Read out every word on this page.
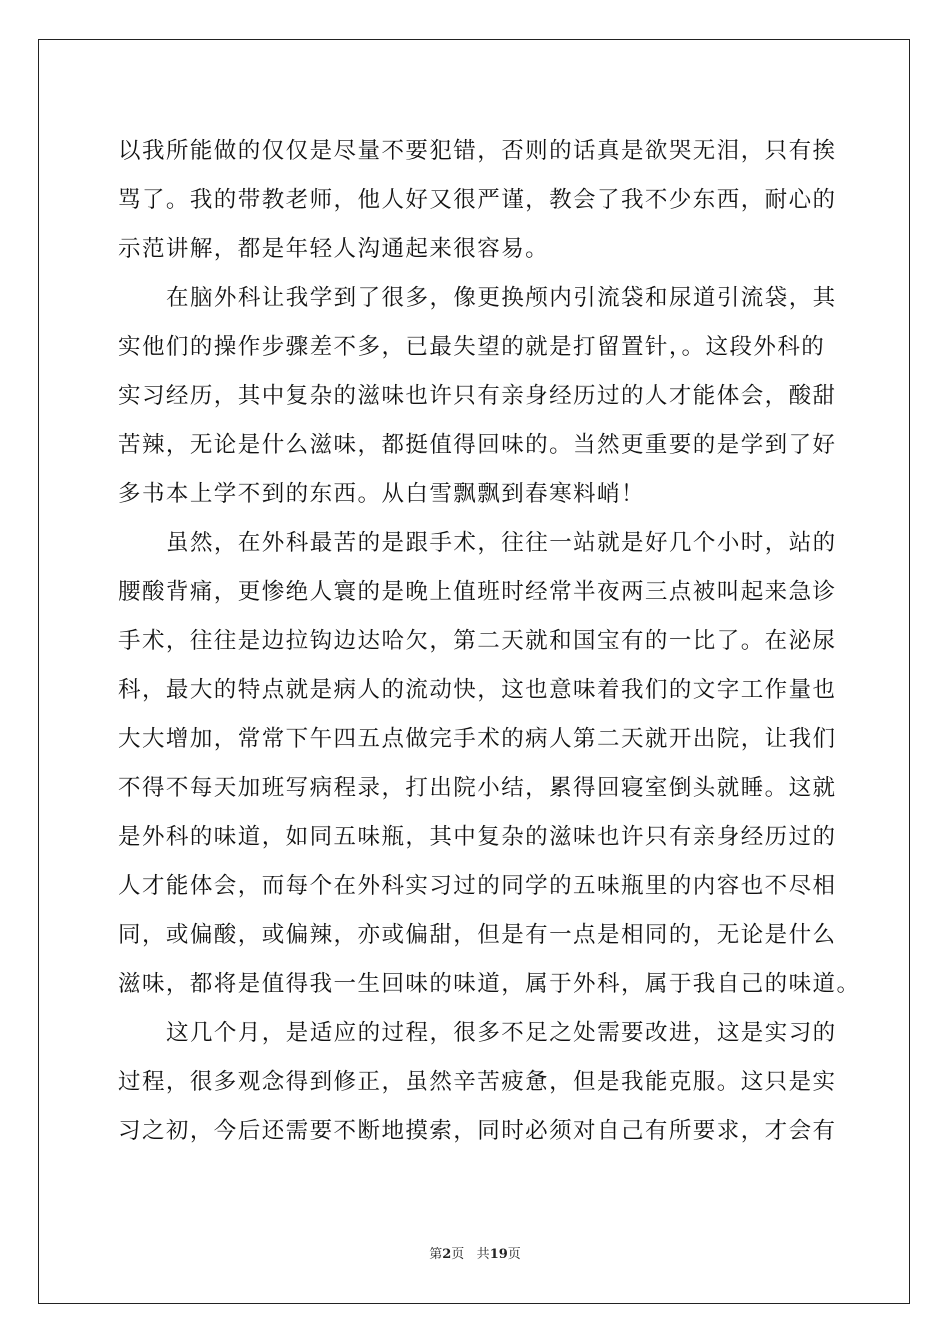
以我所能做的仅仅是尽量不要犯错，否则的话真是欲哭无泪，只有挨
骂了。我的带教老师，他人好又很严谨，教会了我不少东西，耐心的
示范讲解，都是年轻人沟通起来很容易。
在脑外科让我学到了很多，像更换颅内引流袋和尿道引流袋，其
实他们的操作步骤差不多，已最失望的就是打留置针，。这段外科的
实习经历，其中复杂的滋味也许只有亲身经历过的人才能体会，酸甜
苦辣，无论是什么滋味，都挺值得回味的。当然更重要的是学到了好
多书本上学不到的东西。从白雪飘飘到春寒料峭！
虽然，在外科最苦的是跟手术，往往一站就是好几个小时，站的
腰酸背痛，更惨绝人寰的是晚上值班时经常半夜两三点被叫起来急诊
手术，往往是边拉钩边达哈欠，第二天就和国宝有的一比了。在泌尿
科，最大的特点就是病人的流动快，这也意味着我们的文字工作量也
大大增加，常常下午四五点做完手术的病人第二天就开出院，让我们
不得不每天加班写病程录，打出院小结，累得回寝室倒头就睡。这就
是外科的味道，如同五味瓶，其中复杂的滋味也许只有亲身经历过的
人才能体会，而每个在外科实习过的同学的五味瓶里的内容也不尽相
同，或偏酸，或偏辣，亦或偏甜，但是有一点是相同的，无论是什么
滋味，都将是值得我一生回味的味道，属于外科，属于我自己的味道。
这几个月，是适应的过程，很多不足之处需要改进，这是实习的
过程，很多观念得到修正，虽然辛苦疲惫，但是我能克服。这只是实
习之初，今后还需要不断地摸索，同时必须对自己有所要求，才会有
第2页 共19页
